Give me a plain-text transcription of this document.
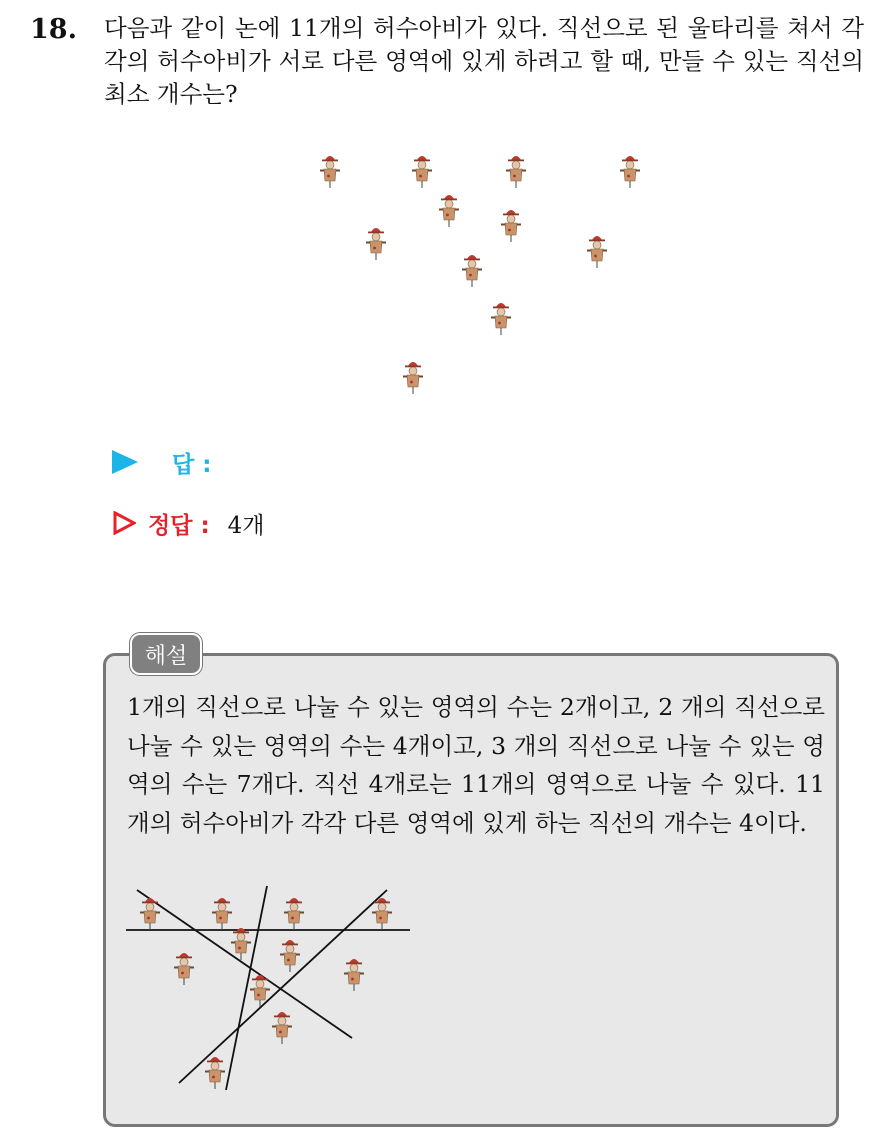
18. 다음과 같이 논에 11개의 허수아비가 있다. 직선으로 된 울타리를 쳐서 각각의 허수아비가 서로 다른 영역에 있게 하려고 할 때, 만들 수 있는 직선의 최소 개수는?
답 :
정답 : 4개
해설
1개의 직선으로 나눌 수 있는 영역의 수는 2개이고, 2 개의 직선으로 나눌 수 있는 영역의 수는 4개이고, 3 개의 직선으로 나눌 수 있는 영역의 수는 7개다. 직선 4개로는 11개의 영역으로 나눌 수 있다. 11개의 허수아비가 각각 다른 영역에 있게 하는 직선의 개수는 4이다.
